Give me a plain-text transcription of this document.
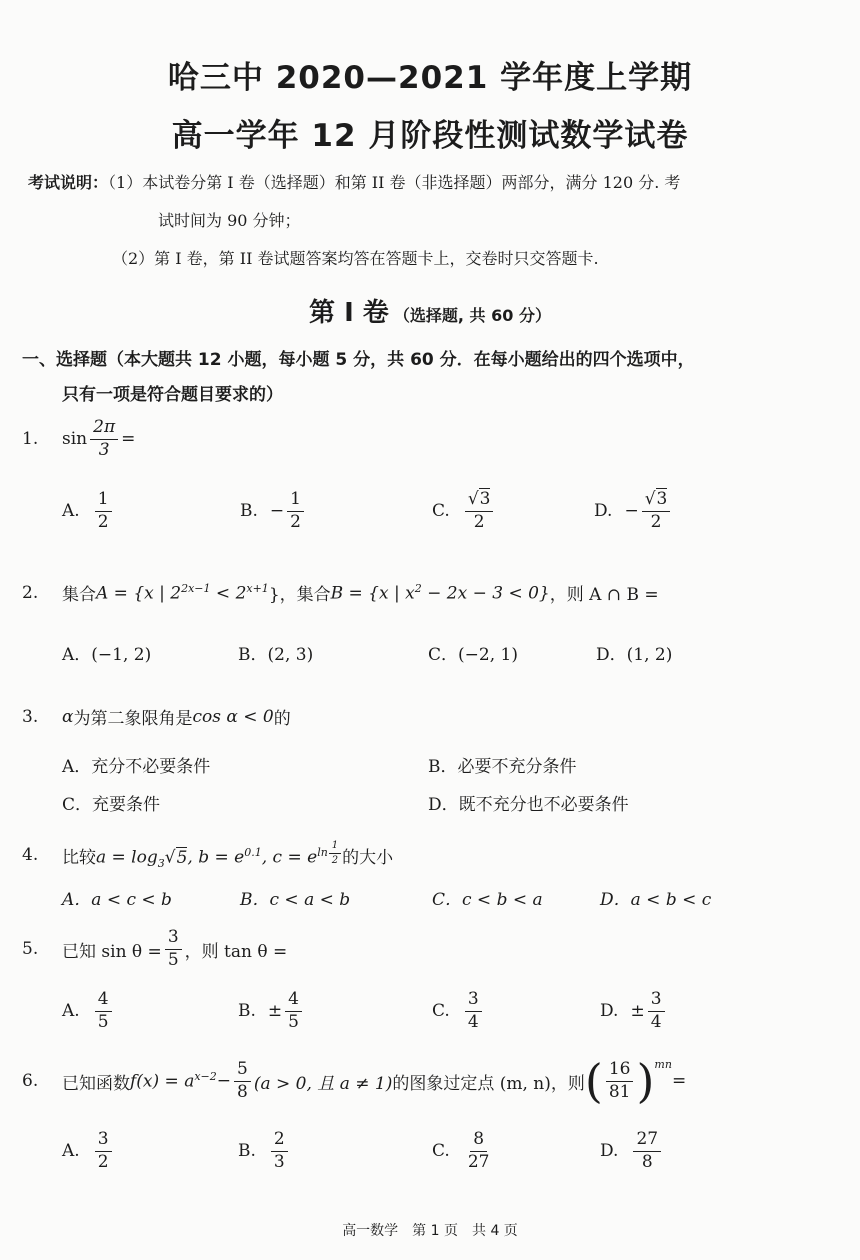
哈三中 2020—2021 学年度上学期
高一学年 12 月阶段性测试数学试卷
考试说明：（1）本试卷分第 I 卷（选择题）和第 II 卷（非选择题）两部分，满分 120 分. 考
试时间为 90 分钟；
（2）第 I 卷，第 II 卷试题答案均答在答题卡上，交卷时只交答题卡.
第 I 卷 （选择题, 共 60 分）
一、选择题（本大题共 12 小题，每小题 5 分，共 60 分．在每小题给出的四个选项中，
只有一项是符合题目要求的）
1.	$\sin \frac{2\pi}{3}$ =
A. $\frac{1}{2}$	B. − $\frac{1}{2}$	C. $\frac{√3}{2}$	D. − $\frac{√3}{2}$
2.	集合 A = {x | $2^{2x-1} < 2^{x+1}$ }，集合 B = {x | $x^2 - 2x - 3 < 0$} ，则 A ∩ B =
A．(−1, 2)	B．(2, 3)	C．(−2, 1)	D．(1, 2)
3.	α 为第二象限角是 cos α < 0 的
A．充分不必要条件	B．必要不充分条件
C．充要条件	D．既不充分也不必要条件
4.	比较 $a = \log_3√5$, $b = e^{0.1}$, $c = e^{ln \frac{1}{2}}$ 的大小
A．a < c < b	B．c < a < b	C．c < b < a	D．a < b < c
5.	已知 $\sin \theta = \frac{3}{5}$ ，则 tan θ =
A. $\frac{4}{5}$	B. ± $\frac{4}{5}$	C. $\frac{3}{4}$	D. ± $\frac{3}{4}$
6.	已知函数 $f(x) = a^{x-2} - \frac{5}{8} (a > 0$, 且 a ≠ 1) 的图象过定点 (m, n)，则 ( $\frac{16}{81} )^{mn}$
=
A. $\frac{3}{2}$	B. $\frac{2}{3}$	C. $\frac{8}{27}$	D. $\frac{27}{8}$
高一数学　第 1 页　共 4 页
